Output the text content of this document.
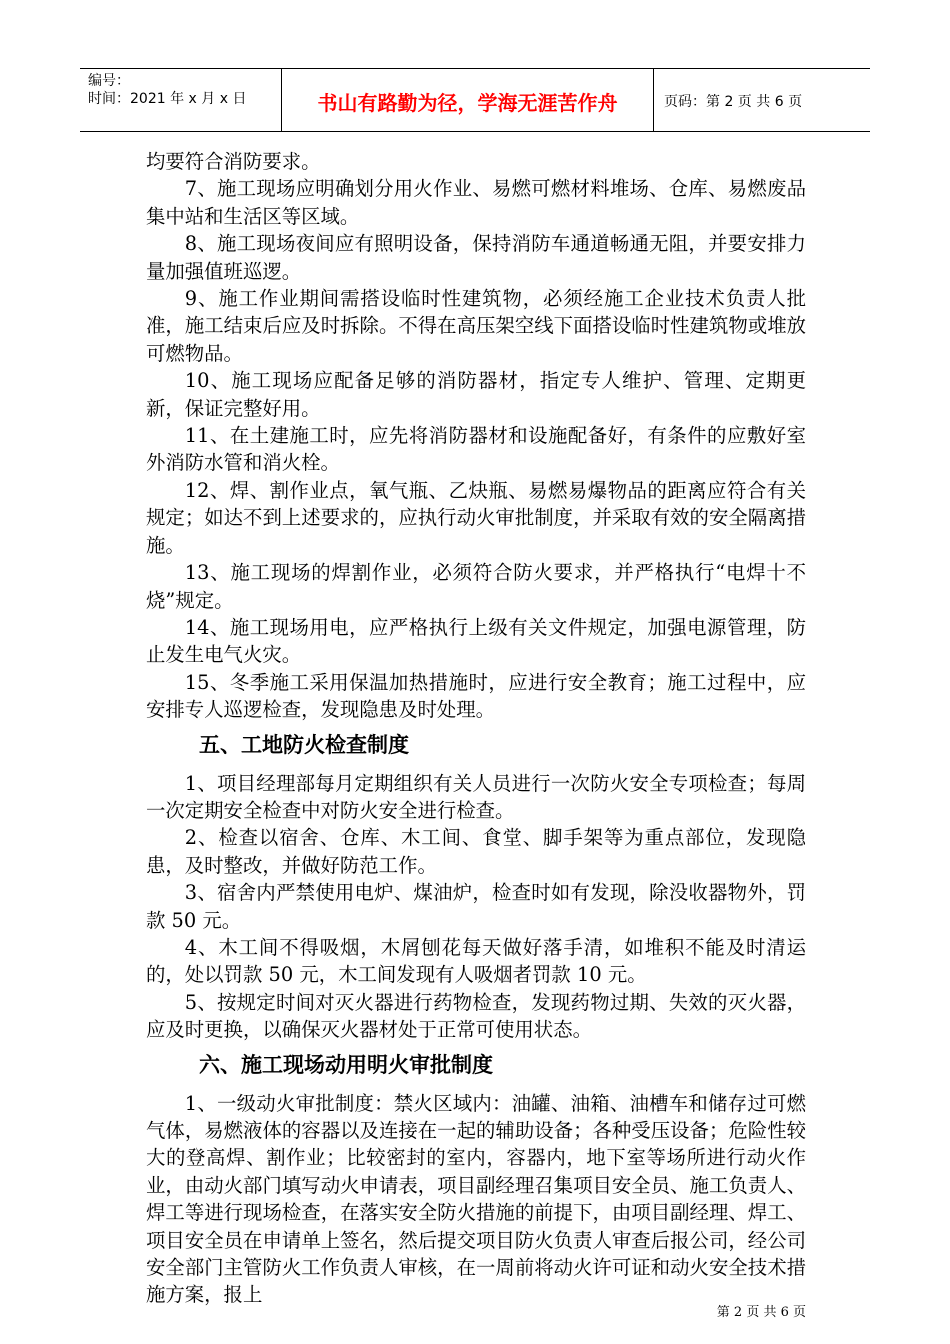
编号：
时间：2021 年 x 月 x 日	书山有路勤为径，学海无涯苦作舟	页码：第 2 页 共 6 页

均要符合消防要求。

7、施工现场应明确划分用火作业、易燃可燃材料堆场、仓库、易燃废品集中站和生活区等区域。

8、施工现场夜间应有照明设备，保持消防车通道畅通无阻，并要安排力量加强值班巡逻。

9、施工作业期间需搭设临时性建筑物，必须经施工企业技术负责人批准，施工结束后应及时拆除。不得在高压架空线下面搭设临时性建筑物或堆放可燃物品。

10、施工现场应配备足够的消防器材，指定专人维护、管理、定期更新，保证完整好用。

11、在土建施工时，应先将消防器材和设施配备好，有条件的应敷好室外消防水管和消火栓。

12、焊、割作业点，氧气瓶、乙炔瓶、易燃易爆物品的距离应符合有关规定；如达不到上述要求的，应执行动火审批制度，并采取有效的安全隔离措施。

13、施工现场的焊割作业，必须符合防火要求，并严格执行“电焊十不烧”规定。

14、施工现场用电，应严格执行上级有关文件规定，加强电源管理，防止发生电气火灾。

15、冬季施工采用保温加热措施时，应进行安全教育；施工过程中，应安排专人巡逻检查，发现隐患及时处理。

五、工地防火检查制度

1、项目经理部每月定期组织有关人员进行一次防火安全专项检查；每周一次定期安全检查中对防火安全进行检查。

2、检查以宿舍、仓库、木工间、食堂、脚手架等为重点部位，发现隐患，及时整改，并做好防范工作。

3、宿舍内严禁使用电炉、煤油炉，检查时如有发现，除没收器物外，罚款 50 元。

4、木工间不得吸烟，木屑刨花每天做好落手清，如堆积不能及时清运的，处以罚款 50 元，木工间发现有人吸烟者罚款 10 元。

5、按规定时间对灭火器进行药物检查，发现药物过期、失效的灭火器，应及时更换，以确保灭火器材处于正常可使用状态。

六、施工现场动用明火审批制度

1、一级动火审批制度：禁火区域内：油罐、油箱、油槽车和储存过可燃气体，易燃液体的容器以及连接在一起的辅助设备；各种受压设备；危险性较大的登高焊、割作业；比较密封的室内，容器内，地下室等场所进行动火作业，由动火部门填写动火申请表，项目副经理召集项目安全员、施工负责人、焊工等进行现场检查，在落实安全防火措施的前提下，由项目副经理、焊工、项目安全员在申请单上签名，然后提交项目防火负责人审查后报公司，经公司安全部门主管防火工作负责人审核，在一周前将动火许可证和动火安全技术措施方案，报上

第 2 页 共 6 页
